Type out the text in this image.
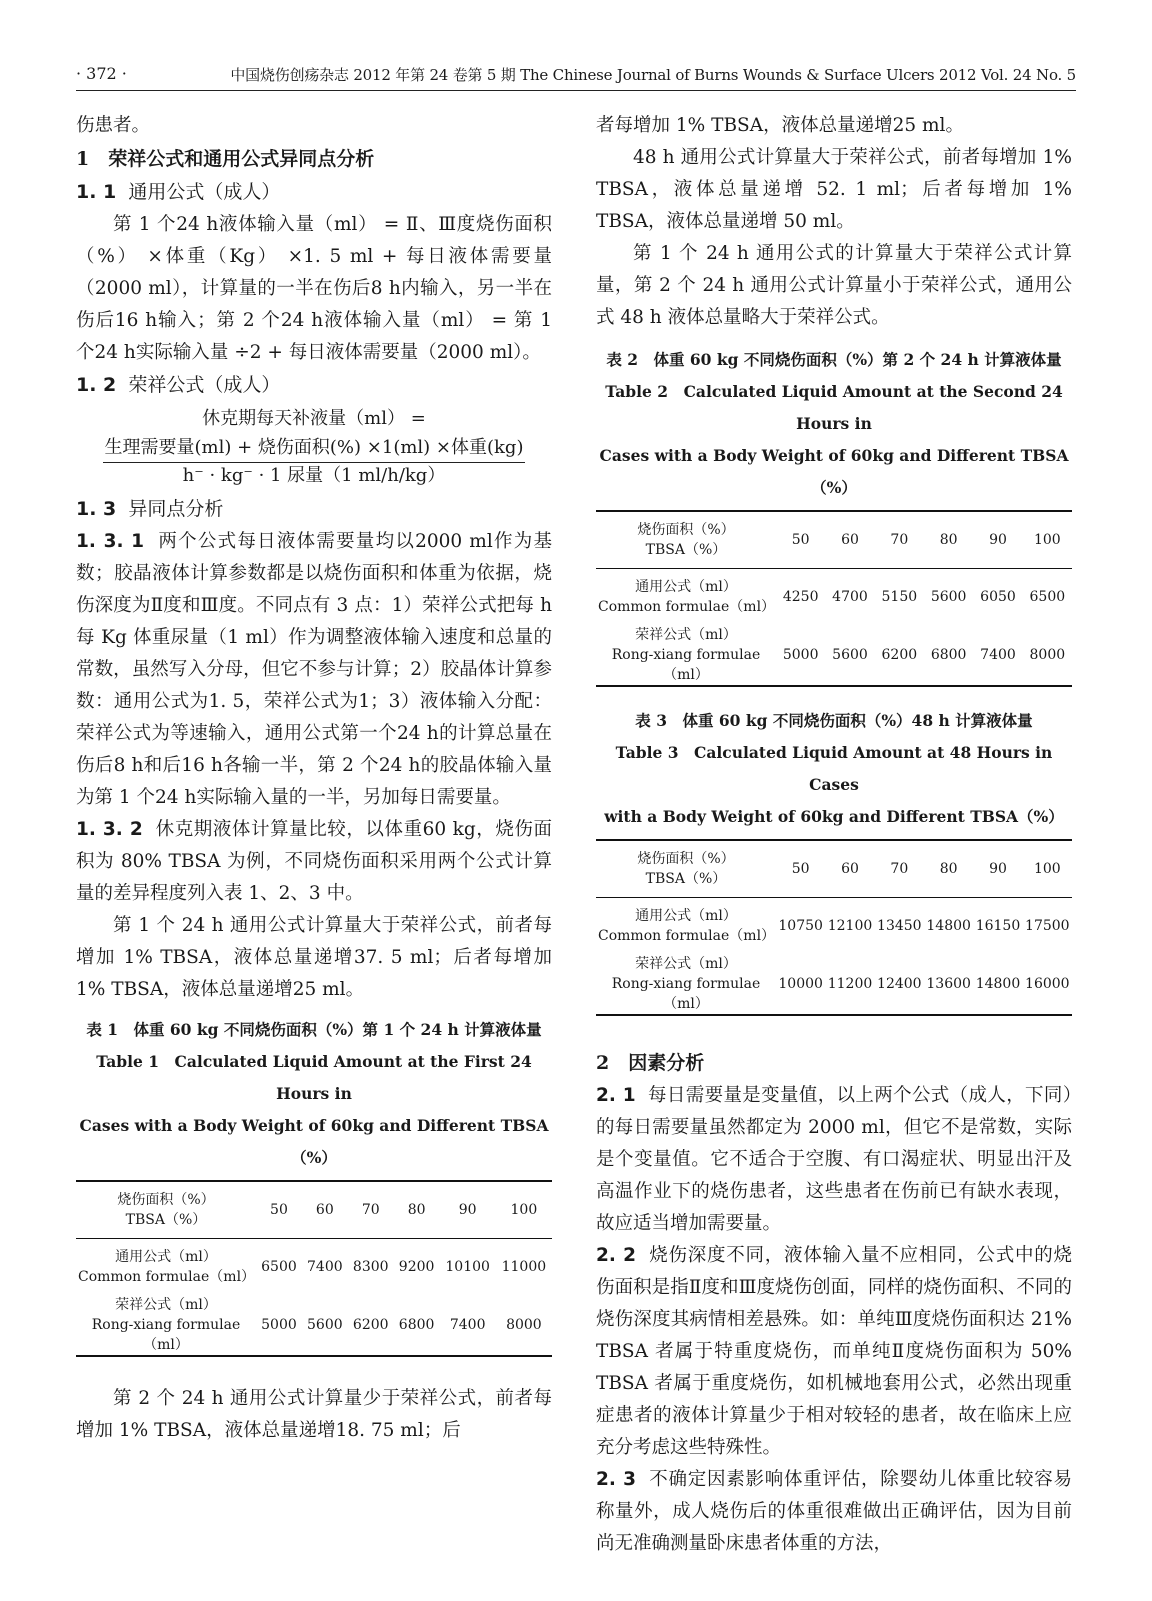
· 372 ·	中国烧伤创疡杂志 2012 年第 24 卷第 5 期 The Chinese Journal of Burns Wounds & Surface Ulcers 2012 Vol. 24 No. 5

伤患者。

1　荣祥公式和通用公式异同点分析

1. 1 通用公式（成人）

第 1 个24 h液体输入量（ml） = Ⅱ、Ⅲ度烧伤面积（%） ×体重（Kg） ×1. 5 ml + 每日液体需要量（2000 ml），计算量的一半在伤后8 h内输入，另一半在伤后16 h输入；第 2 个24 h液体输入量（ml） = 第 1 个24 h实际输入量 ÷2 + 每日液体需要量（2000 ml）。

1. 2 荣祥公式（成人）

休克期每天补液量（ml） =
生理需要量(ml) + 烧伤面积(%) ×1(ml) ×体重(kg)
h⁻ · kg⁻ · 1 尿量（1 ml/h/kg）

1. 3 异同点分析

1. 3. 1 两个公式每日液体需要量均以2000 ml作为基数；胶晶液体计算参数都是以烧伤面积和体重为依据，烧伤深度为Ⅱ度和Ⅲ度。不同点有 3 点：1）荣祥公式把每 h 每 Kg 体重尿量（1 ml）作为调整液体输入速度和总量的常数，虽然写入分母，但它不参与计算；2）胶晶体计算参数：通用公式为1. 5，荣祥公式为1；3）液体输入分配：荣祥公式为等速输入，通用公式第一个24 h的计算总量在伤后8 h和后16 h各输一半，第 2 个24 h的胶晶体输入量为第 1 个24 h实际输入量的一半，另加每日需要量。

1. 3. 2 休克期液体计算量比较，以体重60 kg，烧伤面积为 80% TBSA 为例，不同烧伤面积采用两个公式计算量的差异程度列入表 1、2、3 中。

第 1 个 24 h 通用公式计算量大于荣祥公式，前者每增加 1% TBSA，液体总量递增37. 5 ml；后者每增加 1% TBSA，液体总量递增25 ml。

表 1　体重 60 kg 不同烧伤面积（%）第 1 个 24 h 计算液体量

Table 1　Calculated Liquid Amount at the First 24 Hours in

Cases with a Body Weight of 60kg and Different TBSA（%）

烧伤面积（%）
TBSA（%）	50	60	70	80	90	100
通用公式（ml）
Common formulae（ml）	6500	7400	8300	9200	10100	11000
荣祥公式（ml）
Rong-xiang formulae（ml）	5000	5600	6200	6800	7400	8000

第 2 个 24 h 通用公式计算量少于荣祥公式，前者每增加 1% TBSA，液体总量递增18. 75 ml；后

者每增加 1% TBSA，液体总量递增25 ml。

48 h 通用公式计算量大于荣祥公式，前者每增加 1% TBSA，液体总量递增 52. 1 ml；后者每增加 1% TBSA，液体总量递增 50 ml。

第 1 个 24 h 通用公式的计算量大于荣祥公式计算量，第 2 个 24 h 通用公式计算量小于荣祥公式，通用公式 48 h 液体总量略大于荣祥公式。

表 2　体重 60 kg 不同烧伤面积（%）第 2 个 24 h 计算液体量

Table 2　Calculated Liquid Amount at the Second 24 Hours in

Cases with a Body Weight of 60kg and Different TBSA（%）

烧伤面积（%）
TBSA（%）	50	60	70	80	90	100
通用公式（ml）
Common formulae（ml）	4250	4700	5150	5600	6050	6500
荣祥公式（ml）
Rong-xiang formulae（ml）	5000	5600	6200	6800	7400	8000

表 3　体重 60 kg 不同烧伤面积（%）48 h 计算液体量

Table 3　Calculated Liquid Amount at 48 Hours in Cases

with a Body Weight of 60kg and Different TBSA（%）

烧伤面积（%）
TBSA（%）	50	60	70	80	90	100
通用公式（ml）
Common formulae（ml）	10750	12100	13450	14800	16150	17500
荣祥公式（ml）
Rong-xiang formulae（ml）	10000	11200	12400	13600	14800	16000

2　因素分析

2. 1 每日需要量是变量值，以上两个公式（成人，下同）的每日需要量虽然都定为 2000 ml，但它不是常数，实际是个变量值。它不适合于空腹、有口渴症状、明显出汗及高温作业下的烧伤患者，这些患者在伤前已有缺水表现，故应适当增加需要量。

2. 2 烧伤深度不同，液体输入量不应相同，公式中的烧伤面积是指Ⅱ度和Ⅲ度烧伤创面，同样的烧伤面积、不同的烧伤深度其病情相差悬殊。如：单纯Ⅲ度烧伤面积达 21% TBSA 者属于特重度烧伤，而单纯Ⅱ度烧伤面积为 50% TBSA 者属于重度烧伤，如机械地套用公式，必然出现重症患者的液体计算量少于相对较轻的患者，故在临床上应充分考虑这些特殊性。

2. 3 不确定因素影响体重评估，除婴幼儿体重比较容易称量外，成人烧伤后的体重很难做出正确评估，因为目前尚无准确测量卧床患者体重的方法，
